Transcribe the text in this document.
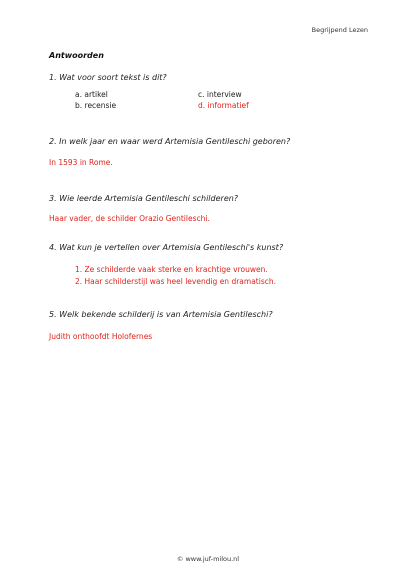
Begrijpend Lezen
Antwoorden
1. Wat voor soort tekst is dit?
a. artikel
b. recensie
c. interview
d. informatief
2. In welk jaar en waar werd Artemisia Gentileschi geboren?
In 1593 in Rome.
3. Wie leerde Artemisia Gentileschi schilderen?
Haar vader, de schilder Orazio Gentileschi.
4. Wat kun je vertellen over Artemisia Gentileschi's kunst?
1. Ze schilderde vaak sterke en krachtige vrouwen.
2. Haar schilderstijl was heel levendig en dramatisch.
5. Welk bekende schilderij is van Artemisia Gentileschi?
Judith onthoofdt Holofernes
© www.juf-milou.nl
